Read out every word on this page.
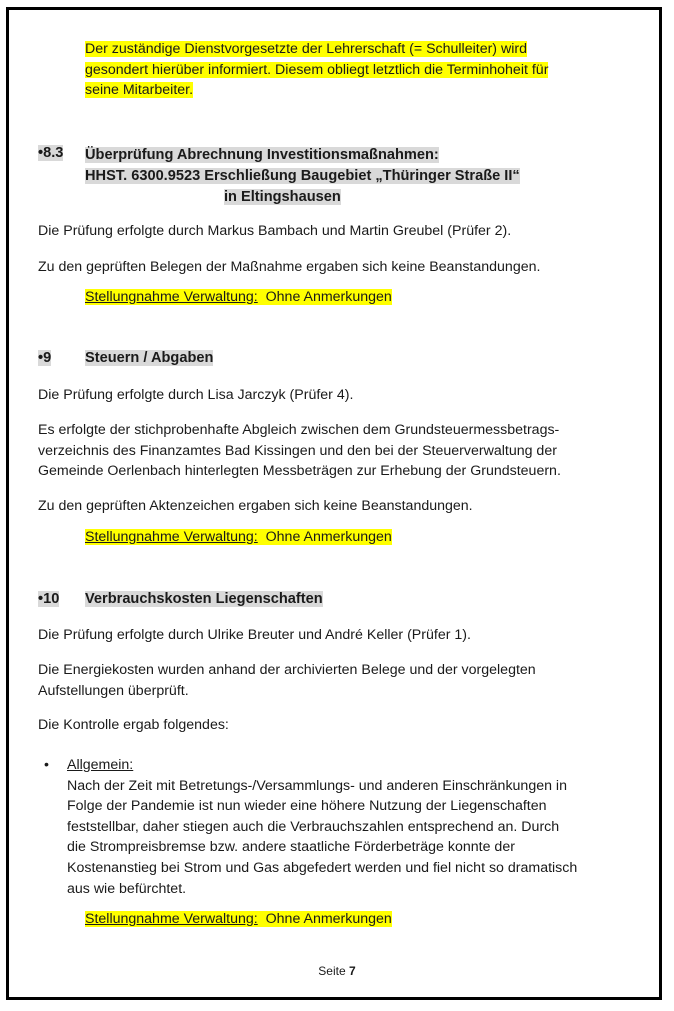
Der zuständige Dienstvorgesetzte der Lehrerschaft (= Schulleiter) wird
gesondert hierüber informiert. Diesem obliegt letztlich die Terminhoheit für
seine Mitarbeiter.
•8.3 Überprüfung Abrechnung Investitionsmaßnahmen:
HHST. 6300.9523 Erschließung Baugebiet „Thüringer Straße II“
in Eltingshausen
Die Prüfung erfolgte durch Markus Bambach und Martin Greubel (Prüfer 2).
Zu den geprüften Belegen der Maßnahme ergaben sich keine Beanstandungen.
Stellungnahme Verwaltung: Ohne Anmerkungen
•9 Steuern / Abgaben
Die Prüfung erfolgte durch Lisa Jarczyk (Prüfer 4).
Es erfolgte der stichprobenhafte Abgleich zwischen dem Grundsteuermessbetrags-
verzeichnis des Finanzamtes Bad Kissingen und den bei der Steuerverwaltung der
Gemeinde Oerlenbach hinterlegten Messbeträgen zur Erhebung der Grundsteuern.
Zu den geprüften Aktenzeichen ergaben sich keine Beanstandungen.
Stellungnahme Verwaltung: Ohne Anmerkungen
•10 Verbrauchskosten Liegenschaften
Die Prüfung erfolgte durch Ulrike Breuter und André Keller (Prüfer 1).
Die Energiekosten wurden anhand der archivierten Belege und der vorgelegten
Aufstellungen überprüft.
Die Kontrolle ergab folgendes:
• Allgemein:
Nach der Zeit mit Betretungs-/Versammlungs- und anderen Einschränkungen in
Folge der Pandemie ist nun wieder eine höhere Nutzung der Liegenschaften
feststellbar, daher stiegen auch die Verbrauchszahlen entsprechend an. Durch
die Strompreisbremse bzw. andere staatliche Förderbeträge konnte der
Kostenanstieg bei Strom und Gas abgefedert werden und fiel nicht so dramatisch
aus wie befürchtet.
Stellungnahme Verwaltung: Ohne Anmerkungen
Seite 7
